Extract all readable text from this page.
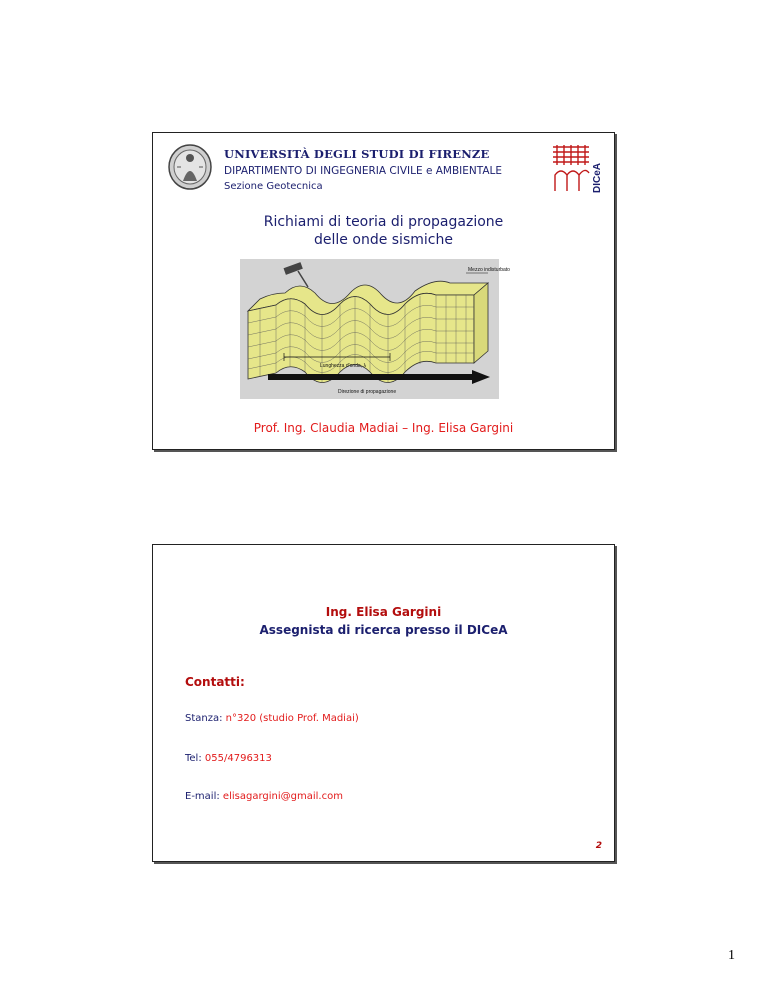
UNIVERSITÀ DEGLI STUDI DI FIRENZE
DIPARTIMENTO DI INGEGNERIA CIVILE e AMBIENTALE
Sezione Geotecnica	DICeA
Richiami di teoria di propagazione
delle onde sismiche
Mezzo indisturbato
Lunghezza d'onda, λ
Direzione di propagazione
Prof. Ing. Claudia Madiai – Ing. Elisa Gargini
Ing. Elisa Gargini
Assegnista di ricerca presso il DICeA
Contatti:
Stanza: n°320 (studio Prof. Madiai)
Tel: 055/4796313
E-mail: elisagargini@gmail.com
2
1
